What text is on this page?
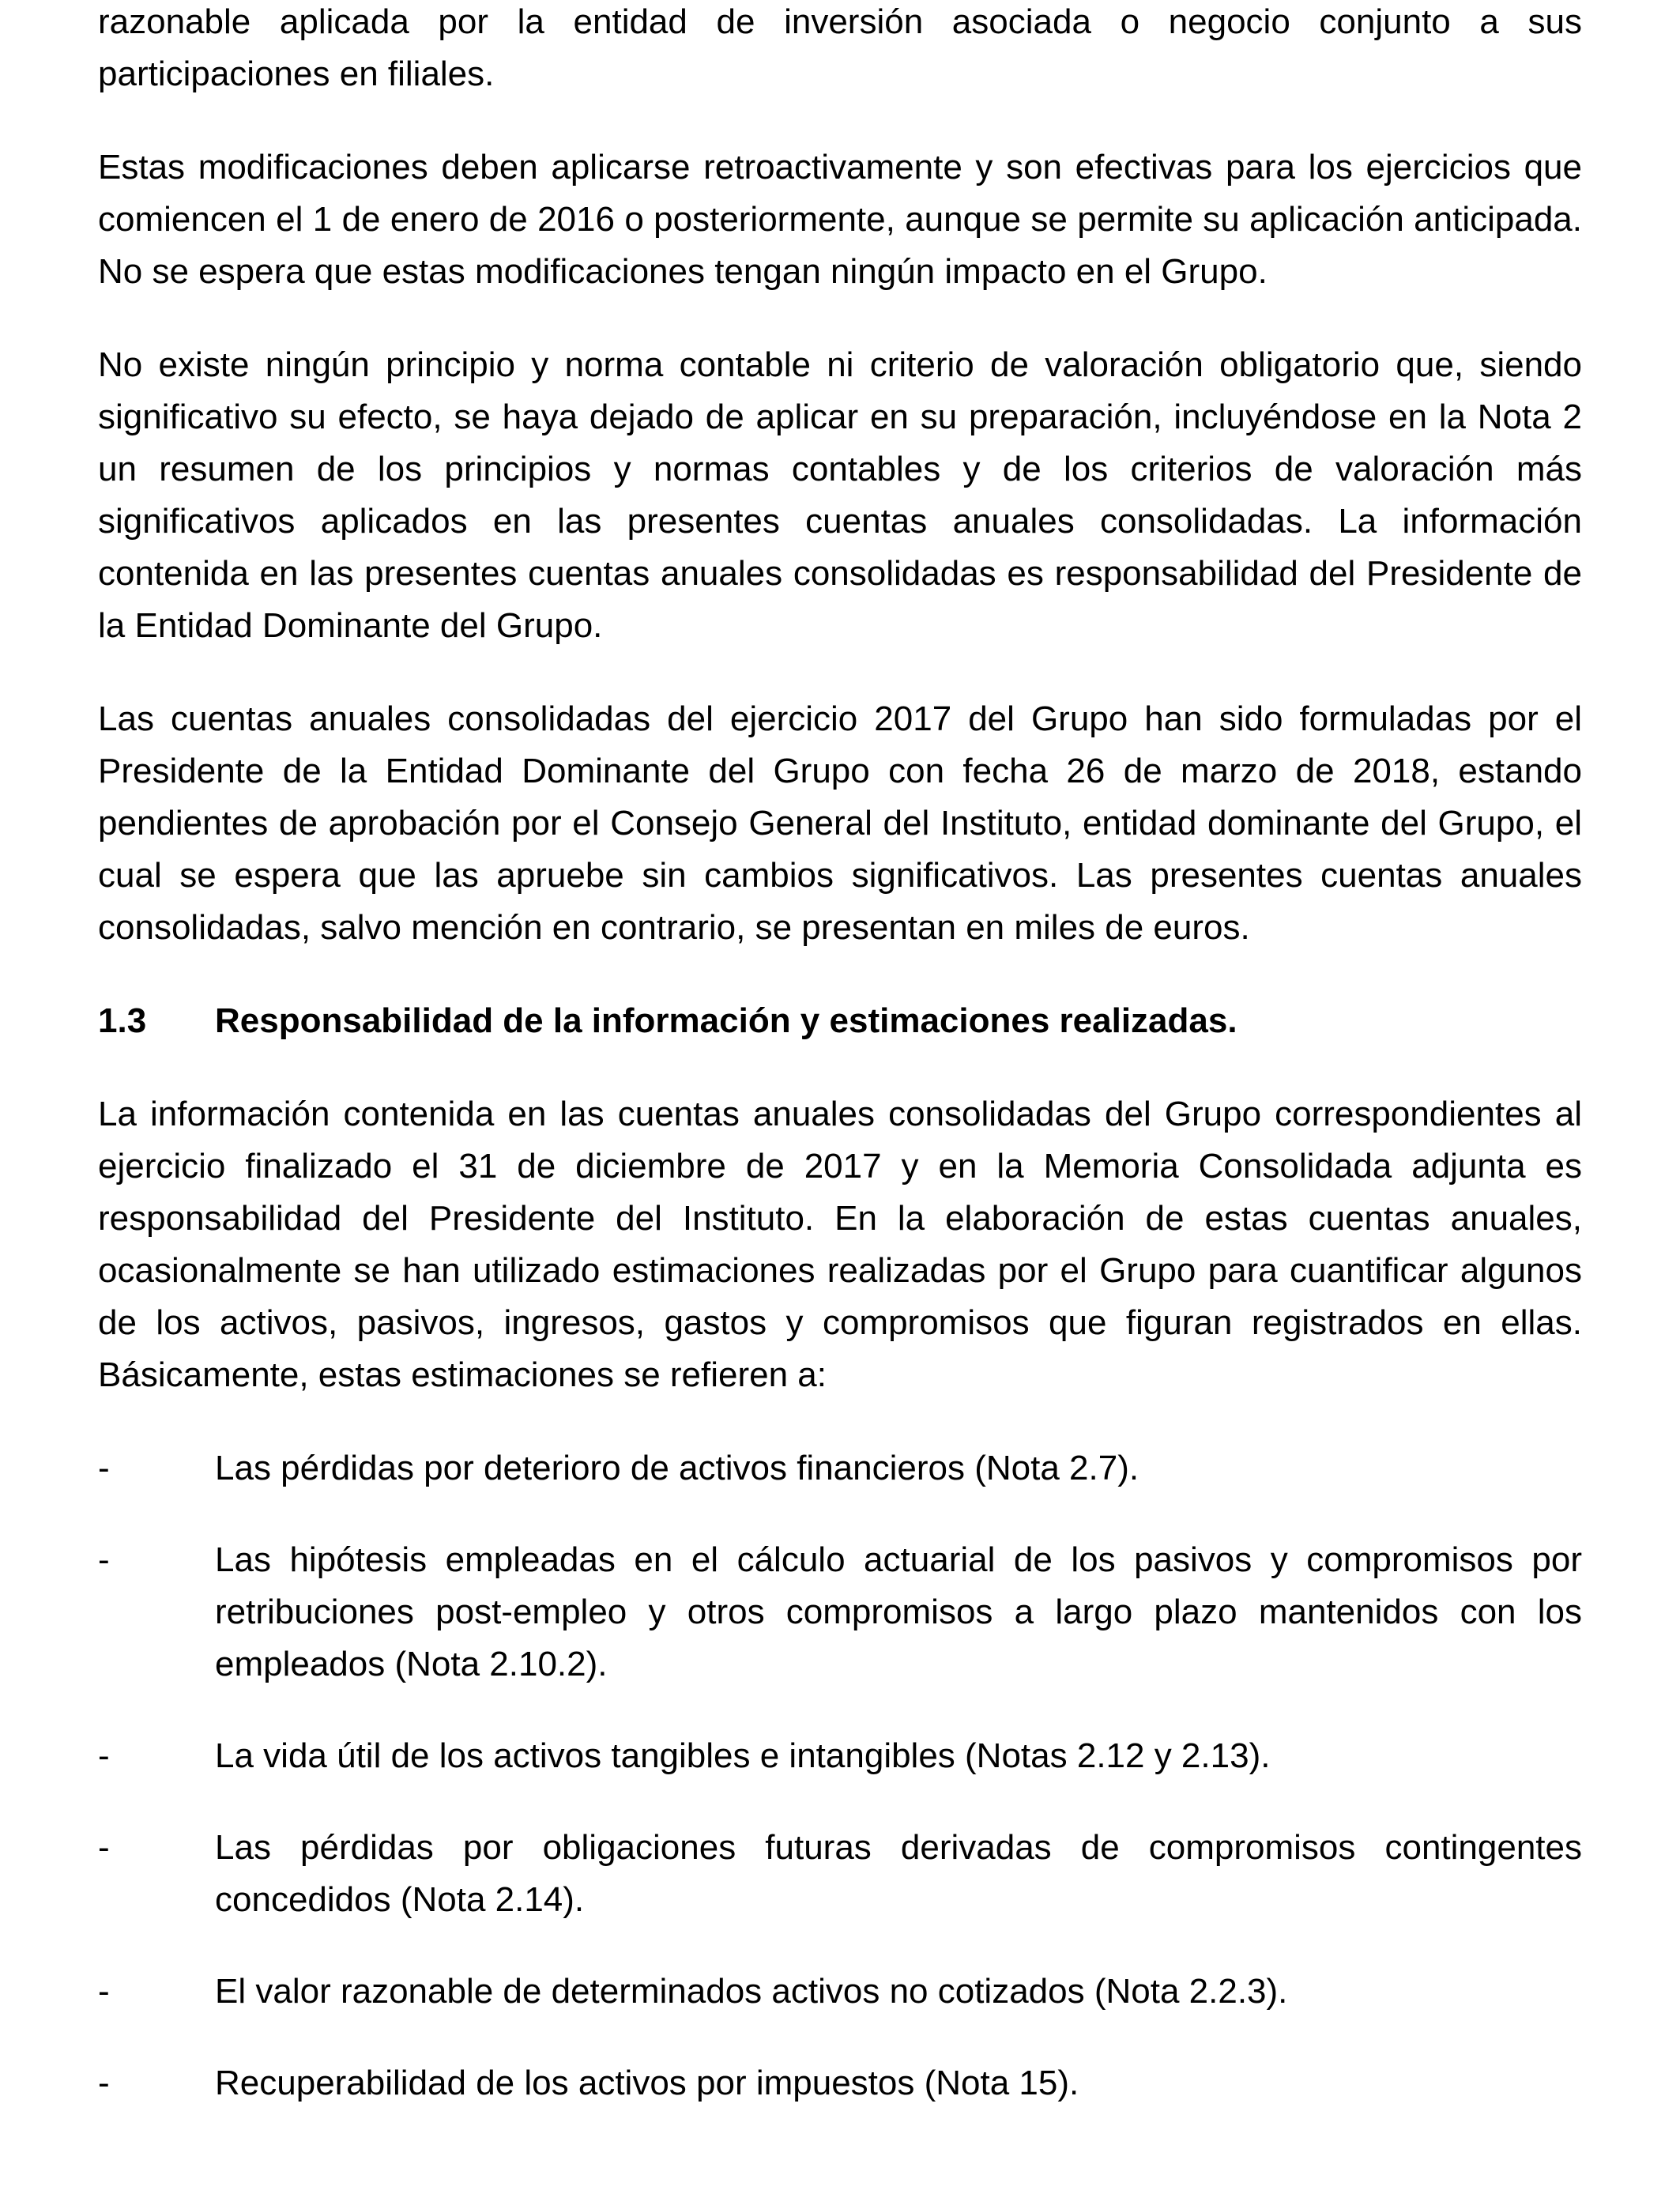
razonable aplicada por la entidad de inversión asociada o negocio conjunto a sus participaciones en filiales.

Estas modificaciones deben aplicarse retroactivamente y son efectivas para los ejercicios que comiencen el 1 de enero de 2016 o posteriormente, aunque se permite su aplicación anticipada. No se espera que estas modificaciones tengan ningún impacto en el Grupo.

No existe ningún principio y norma contable ni criterio de valoración obligatorio que, siendo significativo su efecto, se haya dejado de aplicar en su preparación, incluyéndose en la Nota 2 un resumen de los principios y normas contables y de los criterios de valoración más significativos aplicados en las presentes cuentas anuales consolidadas. La información contenida en las presentes cuentas anuales consolidadas es responsabilidad del Presidente de la Entidad Dominante del Grupo.

Las cuentas anuales consolidadas del ejercicio 2017 del Grupo han sido formuladas por el Presidente de la Entidad Dominante del Grupo con fecha 26 de marzo de 2018, estando pendientes de aprobación por el Consejo General del Instituto, entidad dominante del Grupo, el cual se espera que las apruebe sin cambios significativos. Las presentes cuentas anuales consolidadas, salvo mención en contrario, se presentan en miles de euros.

1.3	Responsabilidad de la información y estimaciones realizadas.

La información contenida en las cuentas anuales consolidadas del Grupo correspondientes al ejercicio finalizado el 31 de diciembre de 2017 y en la Memoria Consolidada adjunta es responsabilidad del Presidente del Instituto. En la elaboración de estas cuentas anuales, ocasionalmente se han utilizado estimaciones realizadas por el Grupo para cuantificar algunos de los activos, pasivos, ingresos, gastos y compromisos que figuran registrados en ellas. Básicamente, estas estimaciones se refieren a:

-	Las pérdidas por deterioro de activos financieros (Nota 2.7).
-	Las hipótesis empleadas en el cálculo actuarial de los pasivos y compromisos por retribuciones post-empleo y otros compromisos a largo plazo mantenidos con los empleados (Nota 2.10.2).
-	La vida útil de los activos tangibles e intangibles (Notas 2.12 y 2.13).
-	Las pérdidas por obligaciones futuras derivadas de compromisos contingentes concedidos (Nota 2.14).
-	El valor razonable de determinados activos no cotizados (Nota 2.2.3).
-	Recuperabilidad de los activos por impuestos (Nota 15).
